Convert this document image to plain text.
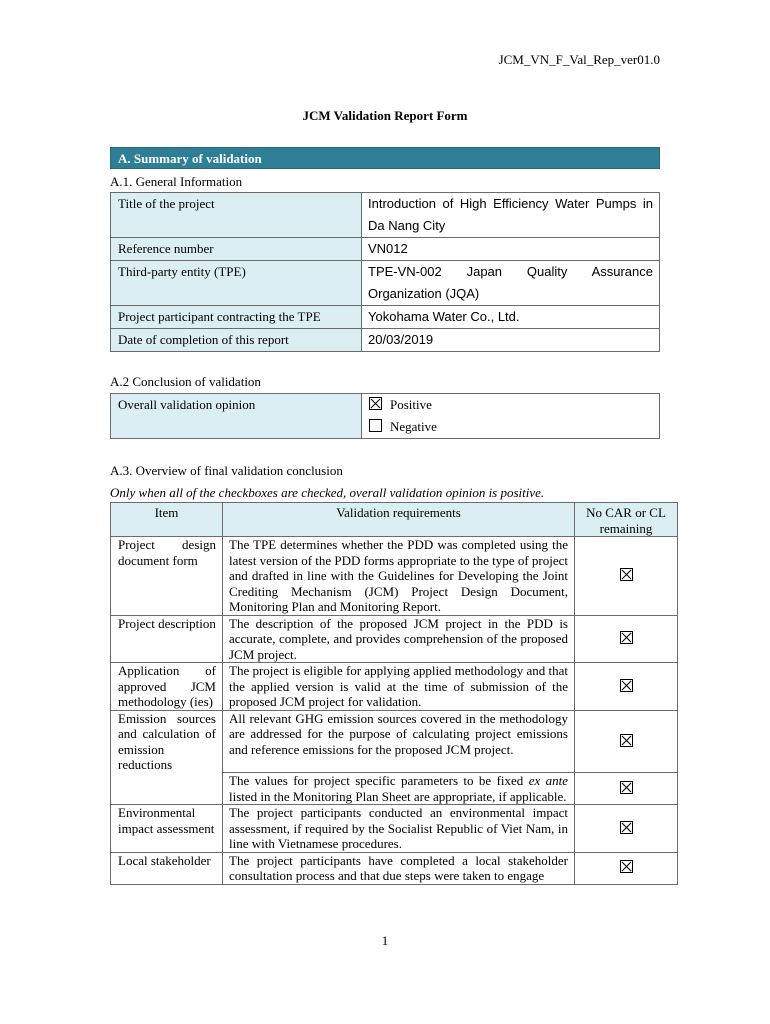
JCM_VN_F_Val_Rep_ver01.0
JCM Validation Report Form
A. Summary of validation
A.1. General Information
Title of the project	Introduction of High Efficiency Water Pumps in Da Nang City
Reference number	VN012
Third-party entity (TPE)	TPE-VN-002 Japan Quality Assurance Organization (JQA)
Project participant contracting the TPE	Yokohama Water Co., Ltd.
Date of completion of this report	20/03/2019
A.2 Conclusion of validation
Overall validation opinion	Positive
Negative
A.3. Overview of final validation conclusion
Only when all of the checkboxes are checked, overall validation opinion is positive.
Item	Validation requirements	No CAR or CL remaining
Project design document form	The TPE determines whether the PDD was completed using the latest version of the PDD forms appropriate to the type of project and drafted in line with the Guidelines for Developing the Joint Crediting Mechanism (JCM) Project Design Document, Monitoring Plan and Monitoring Report.	
Project description	The description of the proposed JCM project in the PDD is accurate, complete, and provides comprehension of the proposed JCM project.	
Application of approved JCM methodology (ies)	The project is eligible for applying applied methodology and that the applied version is valid at the time of submission of the proposed JCM project for validation.	
Emission sources and calculation of emission reductions	All relevant GHG emission sources covered in the methodology are addressed for the purpose of calculating project emissions and reference emissions for the proposed JCM project.	
	The values for project specific parameters to be fixed ex ante listed in the Monitoring Plan Sheet are appropriate, if applicable.	
Environmental impact assessment	The project participants conducted an environmental impact assessment, if required by the Socialist Republic of Viet Nam, in line with Vietnamese procedures.	
Local stakeholder	The project participants have completed a local stakeholder consultation process and that due steps were taken to engage	
1
